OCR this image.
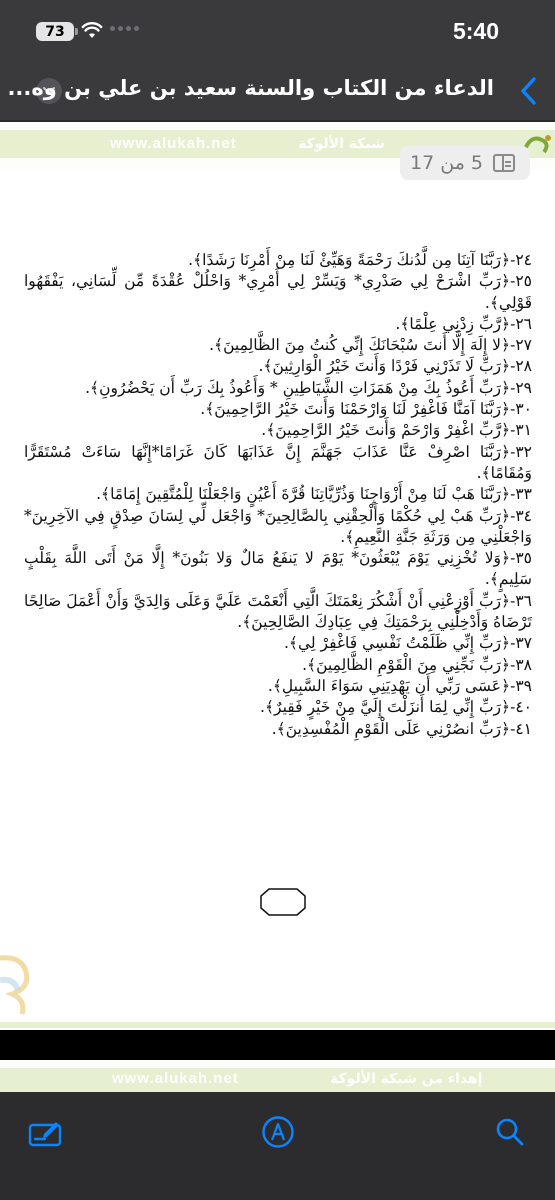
73	5:40
الدعاء من الكتاب والسنة سعيد بن علي بن وه...
www.alukah.net	شبكة الألوكة
5 من 17

٢٤-﴿رَبَّنَا آتِنَا مِن لَّدُنكَ رَحْمَةً وَهَيِّئْ لَنَا مِنْ أَمْرِنَا رَشَدًا﴾.

٢٥-﴿رَبِّ اشْرَحْ لِي صَدْرِي* وَيَسِّرْ لِي أَمْرِي* وَاحْلُلْ عُقْدَةً مِّن لِّسَانِي، يَفْقَهُوا قَوْلِي﴾.

٢٦-﴿رَّبِّ زِدْنِي عِلْمًا﴾.

٢٧-﴿لا إِلَهَ إِلَّا أَنتَ سُبْحَانَكَ إِنِّي كُنتُ مِنَ الظَّالِمِينَ﴾.

٢٨-﴿رَبِّ لَا تَذَرْنِي فَرْدًا وَأَنتَ خَيْرُ الْوَارِثِينَ﴾.

٢٩-﴿رَبِّ أَعُوذُ بِكَ مِنْ هَمَزَاتِ الشَّيَاطِينِ * وَأَعُوذُ بِكَ رَبِّ أَن يَحْضُرُونِ﴾.

٣٠-﴿رَبَّنَا آمَنَّا فَاغْفِرْ لَنَا وَارْحَمْنَا وَأَنتَ خَيْرُ الرَّاحِمِينَ﴾.

٣١-﴿رَّبِّ اغْفِرْ وَارْحَمْ وَأَنتَ خَيْرُ الرَّاحِمِينَ﴾.

٣٢-﴿رَبَّنَا اصْرِفْ عَنَّا عَذَابَ جَهَنَّمَ إِنَّ عَذَابَهَا كَانَ غَرَامًا*إِنَّهَا سَاءَتْ مُسْتَقَرًّا وَمُقَامًا﴾.

٣٣-﴿رَبَّنَا هَبْ لَنَا مِنْ أَزْوَاجِنَا وَذُرِّيَّاتِنَا قُرَّةَ أَعْيُنٍ وَاجْعَلْنَا لِلْمُتَّقِينَ إِمَامًا﴾.

٣٤-﴿رَبِّ هَبْ لِي حُكْمًا وَأَلْحِقْنِي بِالصَّالِحِينَ* وَاجْعَل لِّي لِسَانَ صِدْقٍ فِي الآخِرِينَ* وَاجْعَلْنِي مِن وَرَثَةِ جَنَّةِ النَّعِيمِ﴾.

٣٥-﴿وَلا تُخْزِنِي يَوْمَ يُبْعَثُونَ* يَوْمَ لا يَنفَعُ مَالٌ وَلا بَنُونَ* إِلَّا مَنْ أَتَى اللَّهَ بِقَلْبٍ سَلِيمٍ﴾.

٣٦-﴿رَبِّ أَوْزِعْنِي أَنْ أَشْكُرَ نِعْمَتَكَ الَّتِي أَنْعَمْتَ عَلَيَّ وَعَلَى وَالِدَيَّ وَأَنْ أَعْمَلَ صَالِحًا تَرْضَاهُ وَأَدْخِلْنِي بِرَحْمَتِكَ فِي عِبَادِكَ الصَّالِحِينَ﴾.

٣٧-﴿رَبِّ إِنِّي ظَلَمْتُ نَفْسِي فَاغْفِرْ لِي﴾.

٣٨-﴿رَبِّ نَجِّنِي مِنَ الْقَوْمِ الظَّالِمِينَ﴾.

٣٩-﴿عَسَى رَبِّي أَن يَهْدِيَنِي سَوَاءَ السَّبِيلِ﴾.

٤٠-﴿رَبِّ إِنِّي لِمَا أَنزَلْتَ إِلَيَّ مِنْ خَيْرٍ فَقِيرٌ﴾.

٤١-﴿رَبِّ انصُرْنِي عَلَى الْقَوْمِ الْمُفْسِدِينَ﴾.

www.alukah.net	إهداء من شبكة الألوكة
